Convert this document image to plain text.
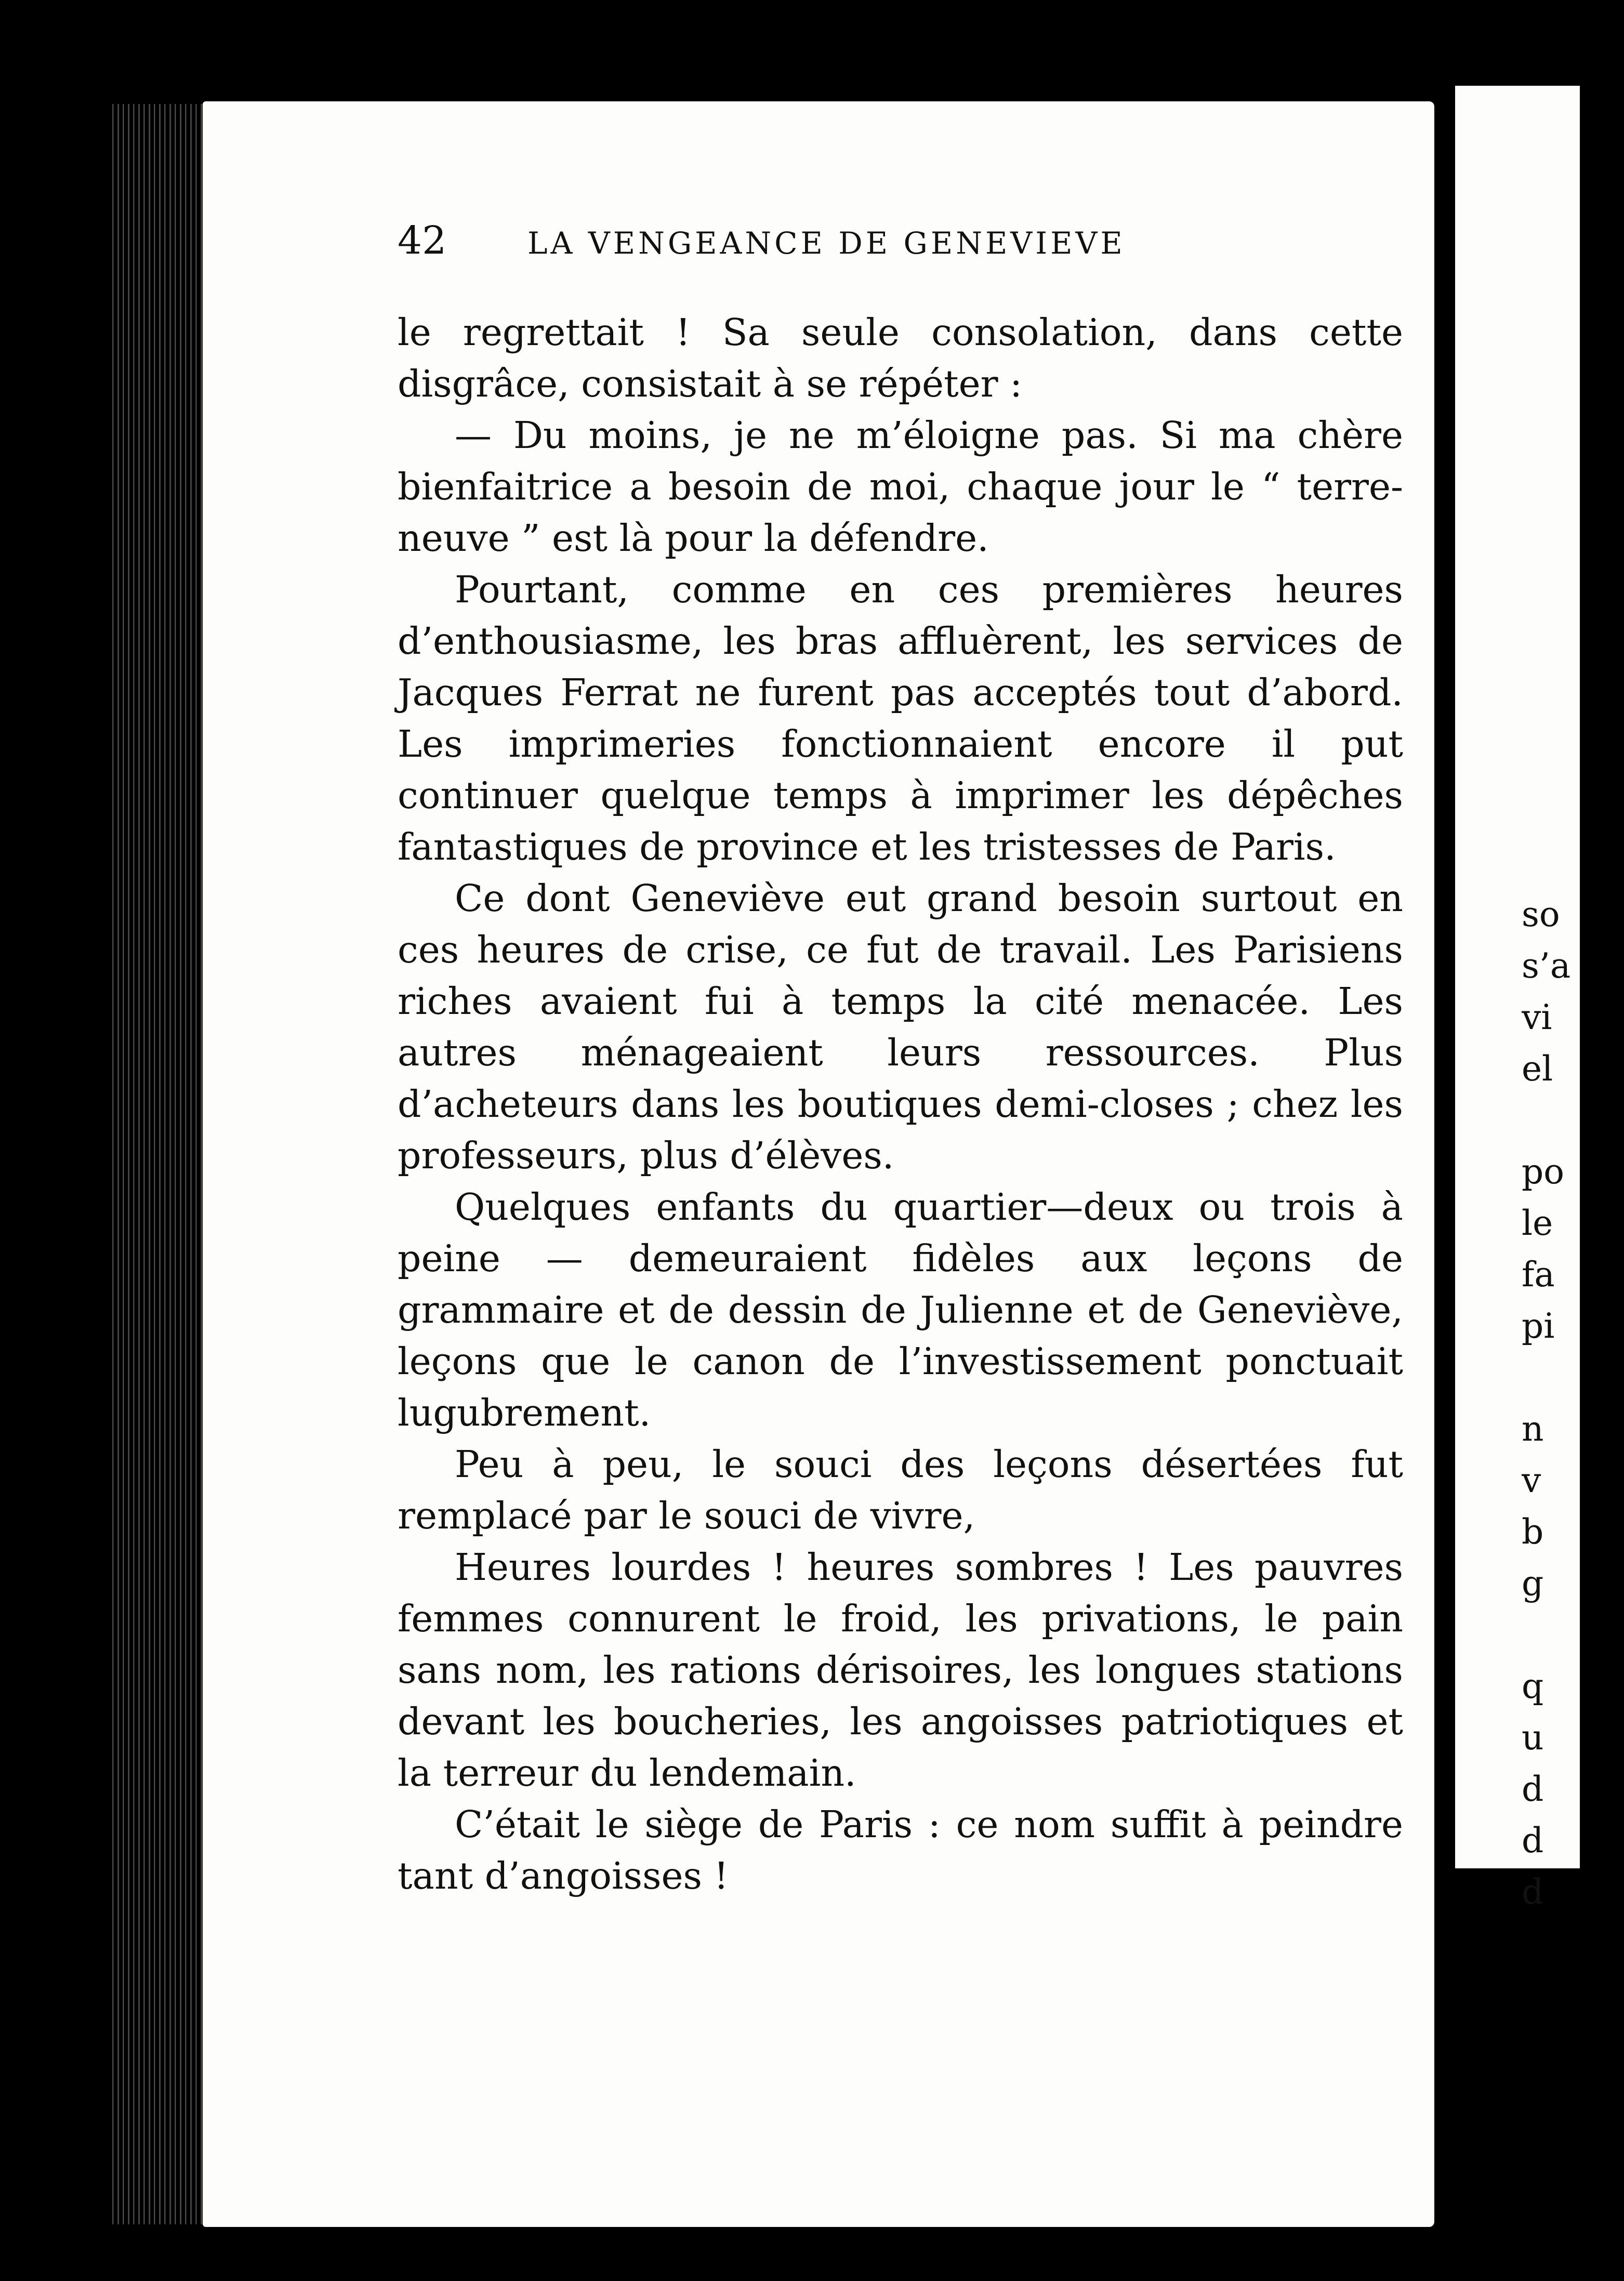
42	LA VENGEANCE DE GENEVIEVE

le regrettait ! Sa seule consolation, dans cette disgrâce, consistait à se répéter :

— Du moins, je ne m’éloigne pas. Si ma chère bienfaitrice a besoin de moi, chaque jour le “ terre-neuve ” est là pour la défendre.

Pourtant, comme en ces premières heures d’enthousiasme, les bras affluèrent, les services de Jacques Ferrat ne furent pas acceptés tout d’abord. Les imprimeries fonctionnaient encore il put continuer quelque temps à imprimer les dépêches fantastiques de province et les tristesses de Paris.

Ce dont Geneviève eut grand besoin surtout en ces heures de crise, ce fut de travail. Les Parisiens riches avaient fui à temps la cité menacée. Les autres ménageaient leurs ressources. Plus d’acheteurs dans les boutiques demi-closes ; chez les professeurs, plus d’élèves.

Quelques enfants du quartier—deux ou trois à peine — demeuraient fidèles aux leçons de grammaire et de dessin de Julienne et de Geneviève, leçons que le canon de l’investissement ponctuait lugubrement.

Peu à peu, le souci des leçons désertées fut remplacé par le souci de vivre,

Heures lourdes ! heures sombres ! Les pauvres femmes connurent le froid, les privations, le pain sans nom, les rations dérisoires, les longues stations devant les boucheries, les angoisses patriotiques et la terreur du lendemain.

C’était le siège de Paris : ce nom suffit à peindre tant d’angoisses !

so
s’a
vi
el
po
le
fa
pi
n
v
b
g
q
u
d
d
d
